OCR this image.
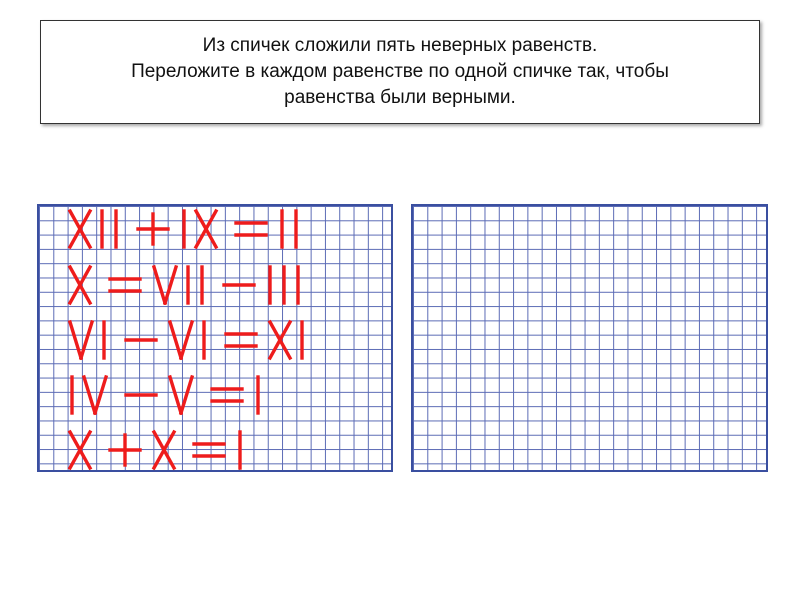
Из спичек сложили пять неверных равенств.
Переложите в каждом равенстве по одной спичке так, чтобы
равенства были верными.
